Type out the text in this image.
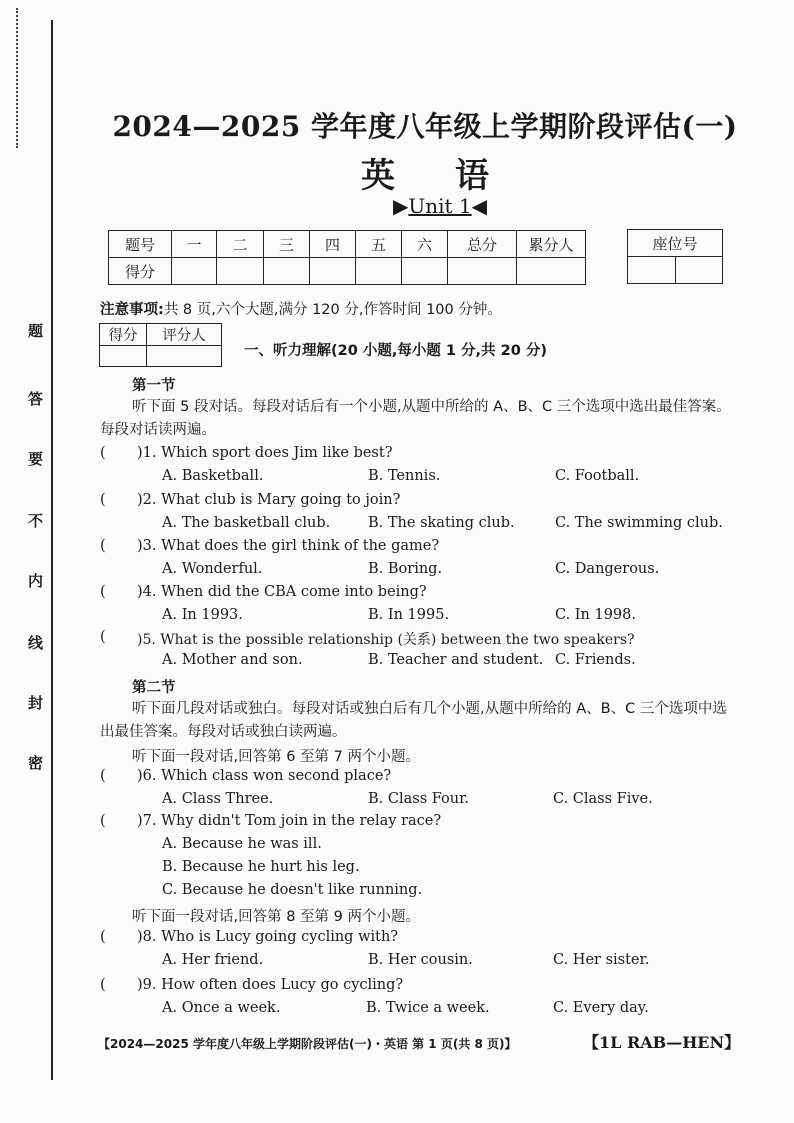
题
答
要
不
内
线
封
密
2024—2025 学年度八年级上学期阶段评估(一)
英语
▶Unit 1◀
题号	一	二	三	四	五	六	总分	累分人
得分								
座位号

注意事项:共 8 页,六个大题,满分 120 分,作答时间 100 分钟。
得分	评分人

一、听力理解(20 小题,每小题 1 分,共 20 分)
第一节
听下面 5 段对话。每段对话后有一个小题,从题中所给的 A、B、C 三个选项中选出最佳答案。每段对话读两遍。
( )1. Which sport does Jim like best?
A. Basketball.	B. Tennis.	C. Football.
( )2. What club is Mary going to join?
A. The basketball club.	B. The skating club.	C. The swimming club.
( )3. What does the girl think of the game?
A. Wonderful.	B. Boring.	C. Dangerous.
( )4. When did the CBA come into being?
A. In 1993.	B. In 1995.	C. In 1998.
( )5. What is the possible relationship (关系) between the two speakers?
A. Mother and son.	B. Teacher and student. C. Friends.
第二节
听下面几段对话或独白。每段对话或独白后有几个小题,从题中所给的 A、B、C 三个选项中选出最佳答案。每段对话或独白读两遍。
听下面一段对话,回答第 6 至第 7 两个小题。
( )6. Which class won second place?
A. Class Three.	B. Class Four.	C. Class Five.
( )7. Why didn't Tom join in the relay race?
A. Because he was ill.
B. Because he hurt his leg.
C. Because he doesn't like running.
听下面一段对话,回答第 8 至第 9 两个小题。
( )8. Who is Lucy going cycling with?
A. Her friend.	B. Her cousin.	C. Her sister.
( )9. How often does Lucy go cycling?
A. Once a week.	B. Twice a week.	C. Every day.
【2024—2025 学年度八年级上学期阶段评估(一)・英语 第 1 页(共 8 页)】	【1L RAB—HEN】
